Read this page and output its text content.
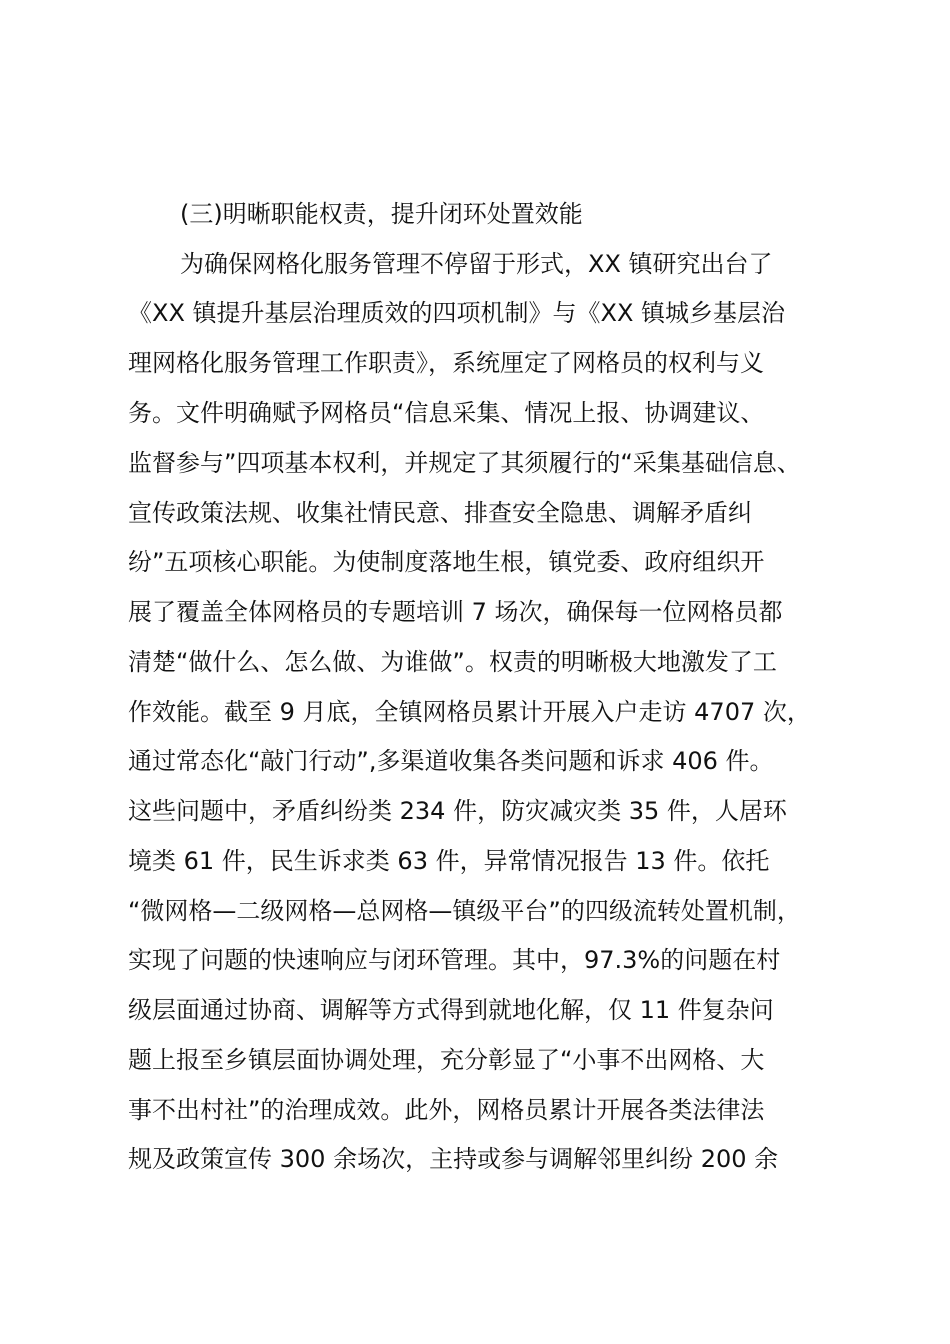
(三)明晰职能权责，提升闭环处置效能
为确保网格化服务管理不停留于形式，XX 镇研究出台了
《XX 镇提升基层治理质效的四项机制》与《XX 镇城乡基层治
理网格化服务管理工作职责》，系统厘定了网格员的权利与义
务。文件明确赋予网格员“信息采集、情况上报、协调建议、
监督参与”四项基本权利，并规定了其须履行的“采集基础信息、
宣传政策法规、收集社情民意、排查安全隐患、调解矛盾纠
纷”五项核心职能。为使制度落地生根，镇党委、政府组织开
展了覆盖全体网格员的专题培训 7 场次，确保每一位网格员都
清楚“做什么、怎么做、为谁做”。权责的明晰极大地激发了工
作效能。截至 9 月底，全镇网格员累计开展入户走访 4707 次，
通过常态化“敲门行动”,多渠道收集各类问题和诉求 406 件。
这些问题中，矛盾纠纷类 234 件，防灾减灾类 35 件，人居环
境类 61 件，民生诉求类 63 件，异常情况报告 13 件。依托
“微网格—二级网格—总网格—镇级平台”的四级流转处置机制，
实现了问题的快速响应与闭环管理。其中，97.3%的问题在村
级层面通过协商、调解等方式得到就地化解，仅 11 件复杂问
题上报至乡镇层面协调处理，充分彰显了“小事不出网格、大
事不出村社”的治理成效。此外，网格员累计开展各类法律法
规及政策宣传 300 余场次，主持或参与调解邻里纠纷 200 余
